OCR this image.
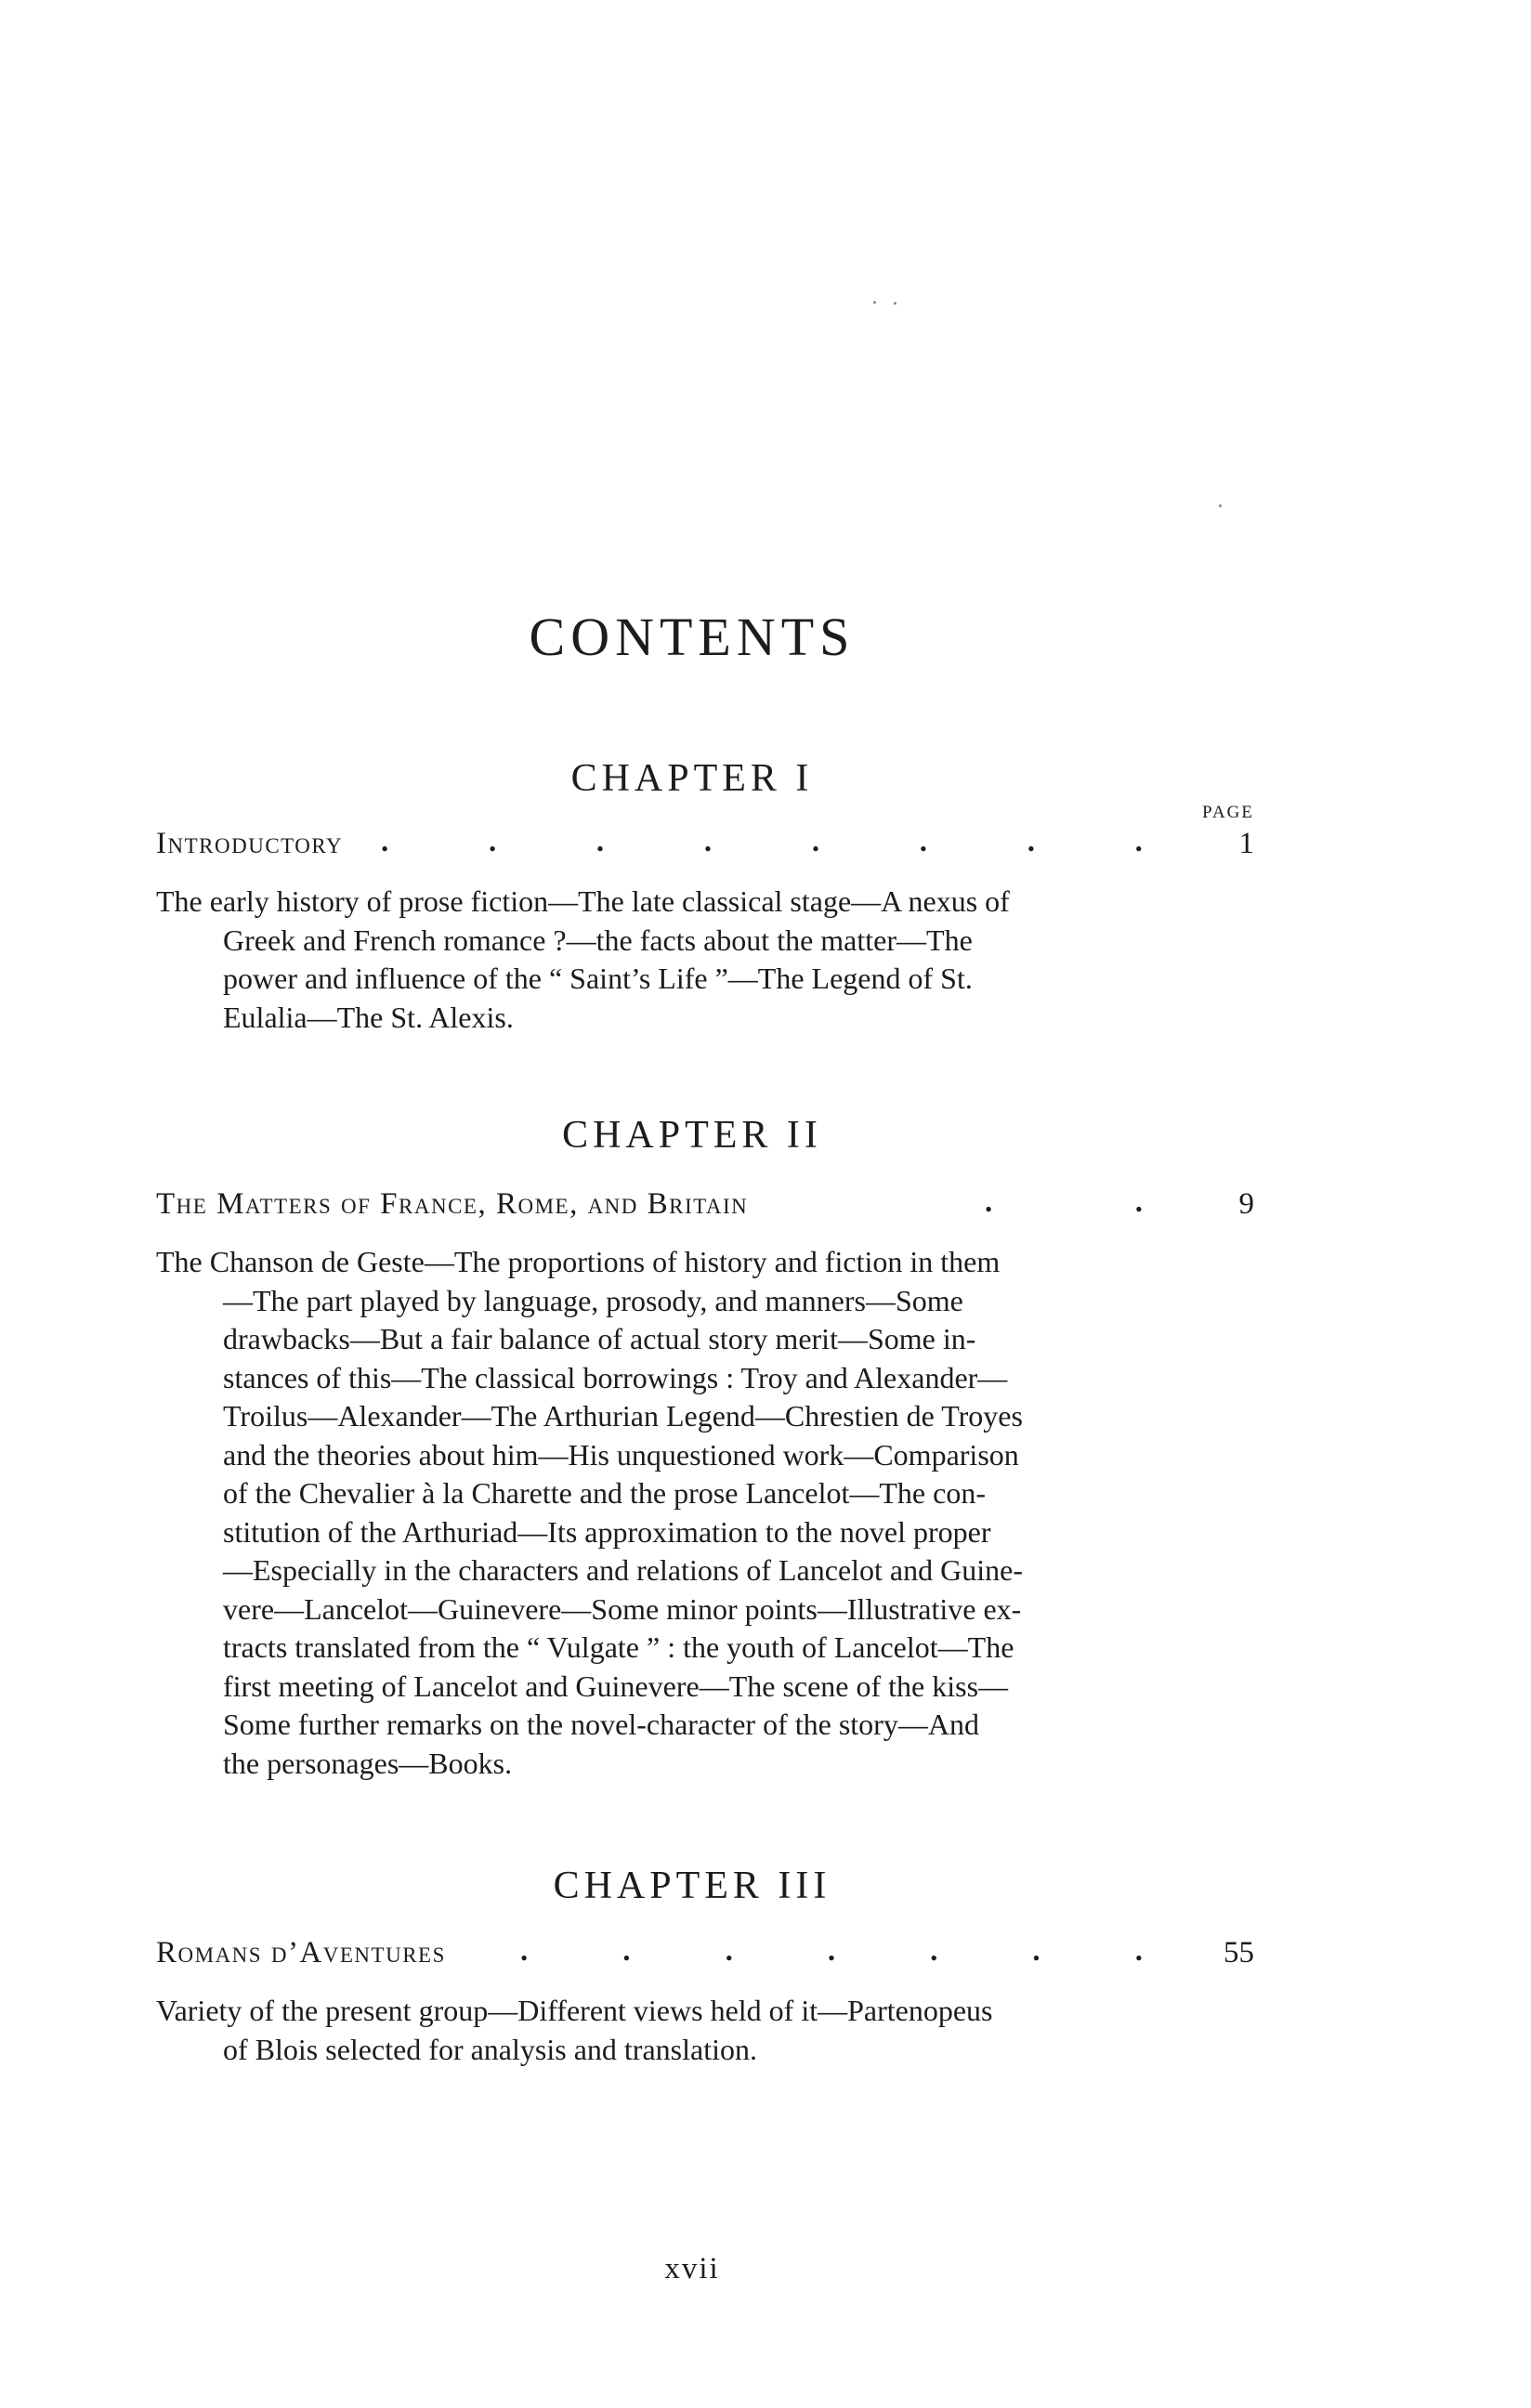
CONTENTS
CHAPTER I
PAGE
Introductory	.	.	.	.	.	.	.	.	1
The early history of prose fiction—The late classical stage—A nexus of
Greek and French romance ?—the facts about the matter—The
power and influence of the “ Saint’s Life ”—The Legend of St.
Eulalia—The St. Alexis.
CHAPTER II
The Matters of France, Rome, and Britain	.	.	9
The Chanson de Geste—The proportions of history and fiction in them
—The part played by language, prosody, and manners—Some
drawbacks—But a fair balance of actual story merit—Some in-
stances of this—The classical borrowings : Troy and Alexander—
Troilus—Alexander—The Arthurian Legend—Chrestien de Troyes
and the theories about him—His unquestioned work—Comparison
of the Chevalier à la Charette and the prose Lancelot—The con-
stitution of the Arthuriad—Its approximation to the novel proper
—Especially in the characters and relations of Lancelot and Guine-
vere—Lancelot—Guinevere—Some minor points—Illustrative ex-
tracts translated from the “ Vulgate ” : the youth of Lancelot—The
first meeting of Lancelot and Guinevere—The scene of the kiss—
Some further remarks on the novel-character of the story—And
the personages—Books.
CHAPTER III
Romans d’Aventures	.	.	.	.	.	.	.	55
Variety of the present group—Different views held of it—Partenopeus
of Blois selected for analysis and translation.
xvii
